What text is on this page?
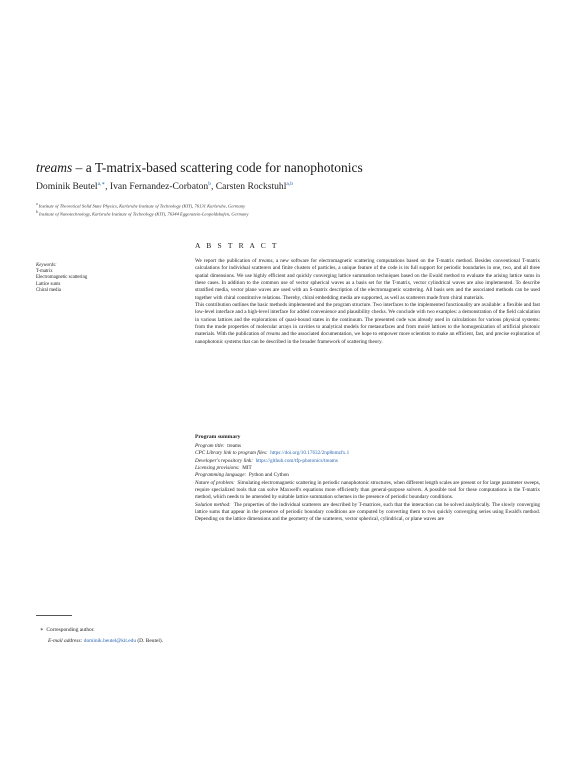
treams – a T-matrix-based scattering code for nanophotonics
Dominik Beutel$^{a,∗}$, Ivan Fernandez-Corbaton$^b$, Carsten Rockstuhl$^{a,b}$
$^a$ Institute of Theoretical Solid State Physics, Karlsruhe Institute of Technology (KIT), 76131 Karlsruhe, Germany
$^b$ Institute of Nanotechnology, Karlsruhe Institute of Technology (KIT), 76344 Eggenstein-Leopoldshafen, Germany
A B S T R A C T
Keywords:
T-matrix
Electromagnetic scattering
Lattice sums
Chiral media

We report the publication of treams, a new software for electromagnetic scattering computations based on the T-matrix method. Besides conventional T-matrix calculations for individual scatterers and finite clusters of particles, a unique feature of the code is its full support for periodic boundaries in one, two, and all three spatial dimensions. We use highly efficient and quickly converging lattice summation techniques based on the Ewald method to evaluate the arising lattice sums in these cases. In addition to the common use of vector spherical waves as a basis set for the T-matrix, vector cylindrical waves are also implemented. To describe stratified media, vector plane waves are used with an S-matrix description of the electromagnetic scattering. All basis sets and the associated methods can be used together with chiral constitutive relations. Thereby, chiral embedding media are supported, as well as scatterers made from chiral materials.

This contribution outlines the basic methods implemented and the program structure. Two interfaces to the implemented functionality are available: a flexible and fast low-level interface and a high-level interface for added convenience and plausibility checks. We conclude with two examples: a demonstration of the field calculation in various lattices and the explorations of quasi-bound states in the continuum. The presented code was already used in calculations for various physical systems: from the mode properties of molecular arrays in cavities to analytical models for metasurfaces and from moiré lattices to the homogenization of artificial photonic materials. With the publication of treams and the associated documentation, we hope to empower more scientists to make an efficient, fast, and precise exploration of nanophotonic systems that can be described in the broader framework of scattering theory.

Program summary
Program title: treams
CPC Library link to program files: https://doi.org/10.17632/2np8nmzfx.1
Developer's repository link: https://github.com/tfp-photonics/treams
Licensing provisions: MIT
Programming language: Python and Cython
Nature of problem: Simulating electromagnetic scattering in periodic nanophotonic structures, when different length scales are present or for large parameter sweeps, require specialized tools that can solve Maxwell's equations more efficiently than general-purpose solvers. A possible tool for these computations is the T-matrix method, which needs to be amended by suitable lattice summation schemes in the presence of periodic boundary conditions.
Solution method: The properties of the individual scatterers are described by T-matrices, such that the interaction can be solved analytically. The slowly converging lattice sums that appear in the presence of periodic boundary conditions are computed by converting them to two quickly converging series using Ewald's method. Depending on the lattice dimensions and the geometry of the scatterers, vector spherical, cylindrical, or plane waves are
∗ Corresponding author.
E-mail address: dominik.beutel@kit.edu (D. Beutel).
